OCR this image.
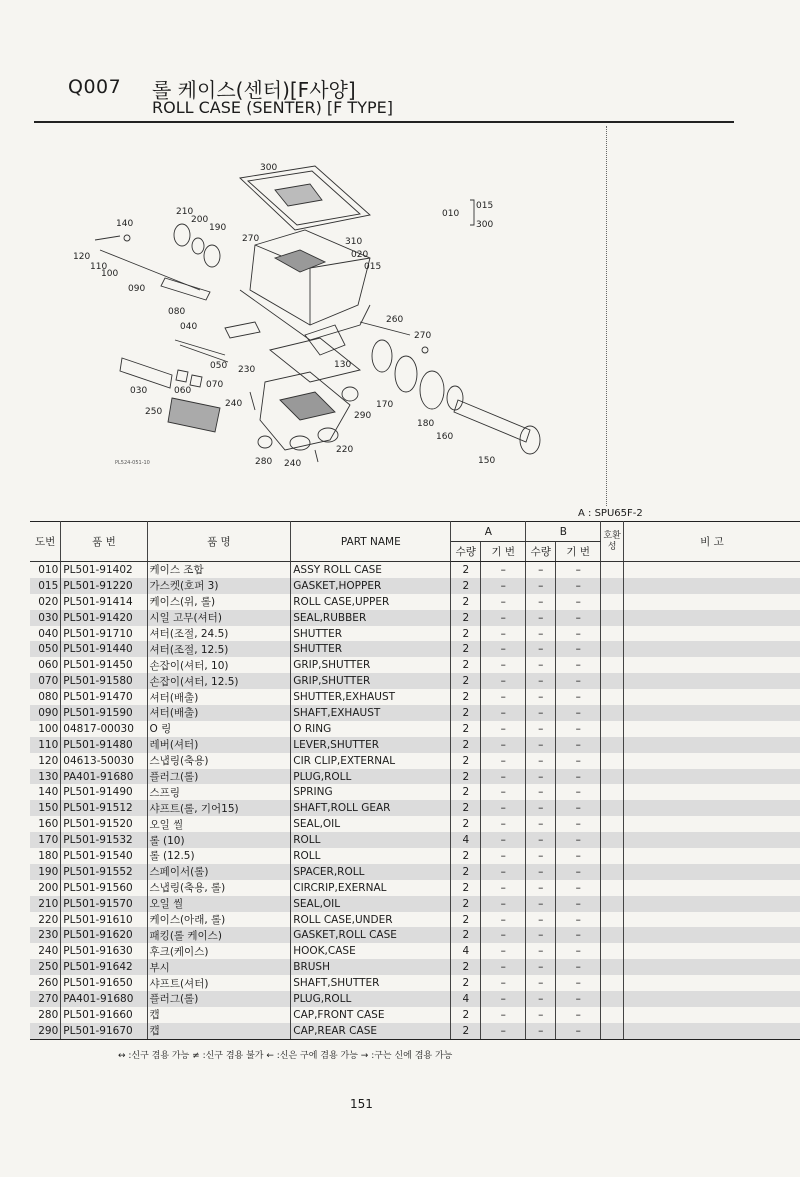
Q007 롤 케이스(센터)[F사양]
ROLL CASE (SENTER) [F TYPE]
300
210
200
190
140
270	310
020
015
120
110
100
090
080
040
260
270
050 230	130
030	060
070
240	170
250	290
180
160
150
280 240
220
010
015
300
PL524-051-10
A : SPU65F-2
도번	품 번	품 명	PART NAME	A		B		호환성	비 고
				수량	기 번	수량	기 번		
010	PL501-91402	케이스 조합	ASSY ROLL CASE	2	–	–	–		
015	PL501-91220	가스켓(호퍼 3)	GASKET,HOPPER	2	–	–	–		
020	PL501-91414	케이스(위, 롤)	ROLL CASE,UPPER	2	–	–	–		
030	PL501-91420	시일 고무(셔터)	SEAL,RUBBER	2	–	–	–		
040	PL501-91710	셔터(조절, 24.5)	SHUTTER	2	–	–	–		
050	PL501-91440	셔터(조절, 12.5)	SHUTTER	2	–	–	–		
060	PL501-91450	손잡이(셔터, 10)	GRIP,SHUTTER	2	–	–	–		
070	PL501-91580	손잡이(셔터, 12.5)	GRIP,SHUTTER	2	–	–	–		
080	PL501-91470	셔터(배출)	SHUTTER,EXHAUST	2	–	–	–		
090	PL501-91590	셔터(배출)	SHAFT,EXHAUST	2	–	–	–		
100	04817-00030	O 링	O RING	2	–	–	–		
110	PL501-91480	레버(셔터)	LEVER,SHUTTER	2	–	–	–		
120	04613-50030	스냅링(축용)	CIR CLIP,EXTERNAL	2	–	–	–		
130	PA401-91680	플러그(롤)	PLUG,ROLL	2	–	–	–		
140	PL501-91490	스프링	SPRING	2	–	–	–		
150	PL501-91512	샤프트(롤, 기어15)	SHAFT,ROLL GEAR	2	–	–	–		
160	PL501-91520	오일 씰	SEAL,OIL	2	–	–	–		
170	PL501-91532	롤 (10)	ROLL	4	–	–	–		
180	PL501-91540	롤 (12.5)	ROLL	2	–	–	–		
190	PL501-91552	스페이서(롤)	SPACER,ROLL	2	–	–	–		
200	PL501-91560	스냅링(축용, 롤)	CIRCRIP,EXERNAL	2	–	–	–		
210	PL501-91570	오일 씰	SEAL,OIL	2	–	–	–		
220	PL501-91610	케이스(아래, 롤)	ROLL CASE,UNDER	2	–	–	–		
230	PL501-91620	패킹(롤 케이스)	GASKET,ROLL CASE	2	–	–	–		
240	PL501-91630	후크(케이스)	HOOK,CASE	4	–	–	–		
250	PL501-91642	부시	BRUSH	2	–	–	–		
260	PL501-91650	샤프트(셔터)	SHAFT,SHUTTER	2	–	–	–		
270	PA401-91680	플러그(롤)	PLUG,ROLL	4	–	–	–		
280	PL501-91660	캡	CAP,FRONT CASE	2	–	–	–		
290	PL501-91670	캡	CAP,REAR CASE	2	–	–	–		
↔ :신구 겸용 가능 ≠ :신구 겸용 불가 ← :신은 구에 겸용 가능 → :구는 신에 겸용 가능
151
